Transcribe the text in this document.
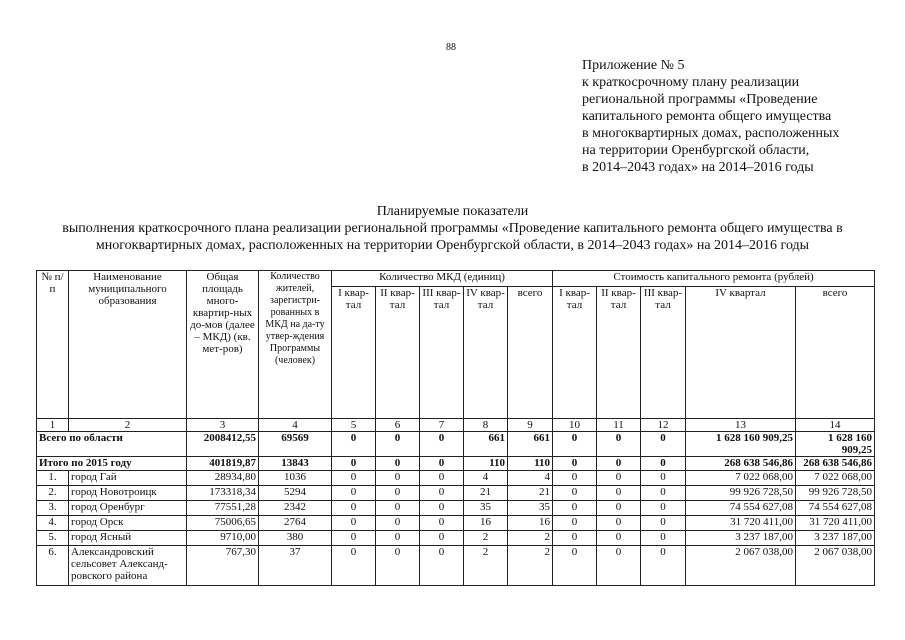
88
Приложение № 5
к краткосрочному плану реализации
региональной программы «Проведение
капитального ремонта общего имущества
в многоквартирных домах, расположенных
на территории Оренбургской области,
в 2014–2043 годах» на 2014–2016 годы
Планируемые показатели
выполнения краткосрочного плана реализации региональной программы «Проведение капитального ремонта общего имущества в
многоквартирных домах, расположенных на территории Оренбургской области, в 2014–2043 годах» на 2014–2016 годы
№ п/п	Наименование муниципального образования	Общая площадь много-квартир-ных до-мов (далее – МКД) (кв. мет-ров)	Количество жителей, зарегистри-рованных в МКД на да-ту утвер-ждения Программы (человек)	Количество МКД (единиц)					Стоимость капитального ремонта (рублей)				
				I квар-тал	II квар-тал	III квар-тал	IV квар-тал	всего	I квар-тал	II квар-тал	III квар-тал	IV квартал	всего
1	2	3	4	5	6	7	8	9	10	11	12	13	14
Всего по области		2008412,55	69569	0	0	0	661	661	0	0	0	1 628 160 909,25	1 628 160 909,25
Итого по 2015 году		401819,87	13843	0	0	0	110	110	0	0	0	268 638 546,86	268 638 546,86
1.	город Гай	28934,80	1036	0	0	0	4	4	0	0	0	7 022 068,00	7 022 068,00
2.	город Новотроицк	173318,34	5294	0	0	0	21	21	0	0	0	99 926 728,50	99 926 728,50
3.	город Оренбург	77551,28	2342	0	0	0	35	35	0	0	0	74 554 627,08	74 554 627,08
4.	город Орск	75006,65	2764	0	0	0	16	16	0	0	0	31 720 411,00	31 720 411,00
5.	город Ясный	9710,00	380	0	0	0	2	2	0	0	0	3 237 187,00	3 237 187,00
6.	Александровский сельсовет Александ-ровского района	767,30	37	0	0	0	2	2	0	0	0	2 067 038,00	2 067 038,00
